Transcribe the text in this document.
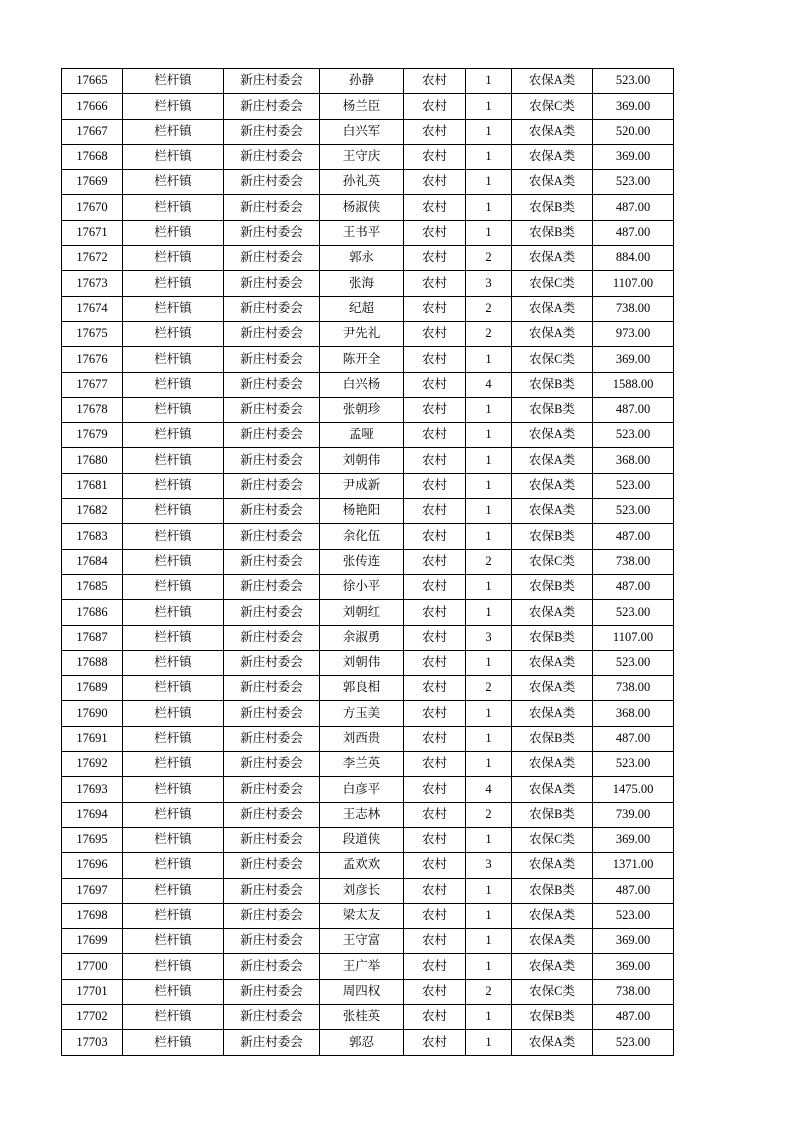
17665	栏杆镇	新庄村委会	孙静	农村	1	农保A类	523.00
17666	栏杆镇	新庄村委会	杨兰臣	农村	1	农保C类	369.00
17667	栏杆镇	新庄村委会	白兴军	农村	1	农保A类	520.00
17668	栏杆镇	新庄村委会	王守庆	农村	1	农保A类	369.00
17669	栏杆镇	新庄村委会	孙礼英	农村	1	农保A类	523.00
17670	栏杆镇	新庄村委会	杨淑侠	农村	1	农保B类	487.00
17671	栏杆镇	新庄村委会	王书平	农村	1	农保B类	487.00
17672	栏杆镇	新庄村委会	郭永	农村	2	农保A类	884.00
17673	栏杆镇	新庄村委会	张海	农村	3	农保C类	1107.00
17674	栏杆镇	新庄村委会	纪超	农村	2	农保A类	738.00
17675	栏杆镇	新庄村委会	尹先礼	农村	2	农保A类	973.00
17676	栏杆镇	新庄村委会	陈开全	农村	1	农保C类	369.00
17677	栏杆镇	新庄村委会	白兴杨	农村	4	农保B类	1588.00
17678	栏杆镇	新庄村委会	张朝珍	农村	1	农保B类	487.00
17679	栏杆镇	新庄村委会	孟哑	农村	1	农保A类	523.00
17680	栏杆镇	新庄村委会	刘朝伟	农村	1	农保A类	368.00
17681	栏杆镇	新庄村委会	尹成新	农村	1	农保A类	523.00
17682	栏杆镇	新庄村委会	杨艳阳	农村	1	农保A类	523.00
17683	栏杆镇	新庄村委会	余化伍	农村	1	农保B类	487.00
17684	栏杆镇	新庄村委会	张传连	农村	2	农保C类	738.00
17685	栏杆镇	新庄村委会	徐小平	农村	1	农保B类	487.00
17686	栏杆镇	新庄村委会	刘朝红	农村	1	农保A类	523.00
17687	栏杆镇	新庄村委会	余淑勇	农村	3	农保B类	1107.00
17688	栏杆镇	新庄村委会	刘朝伟	农村	1	农保A类	523.00
17689	栏杆镇	新庄村委会	郭良相	农村	2	农保A类	738.00
17690	栏杆镇	新庄村委会	方玉美	农村	1	农保A类	368.00
17691	栏杆镇	新庄村委会	刘西贵	农村	1	农保B类	487.00
17692	栏杆镇	新庄村委会	李兰英	农村	1	农保A类	523.00
17693	栏杆镇	新庄村委会	白彦平	农村	4	农保A类	1475.00
17694	栏杆镇	新庄村委会	王志林	农村	2	农保B类	739.00
17695	栏杆镇	新庄村委会	段道侠	农村	1	农保C类	369.00
17696	栏杆镇	新庄村委会	孟欢欢	农村	3	农保A类	1371.00
17697	栏杆镇	新庄村委会	刘彦长	农村	1	农保B类	487.00
17698	栏杆镇	新庄村委会	梁太友	农村	1	农保A类	523.00
17699	栏杆镇	新庄村委会	王守富	农村	1	农保A类	369.00
17700	栏杆镇	新庄村委会	王广举	农村	1	农保A类	369.00
17701	栏杆镇	新庄村委会	周四权	农村	2	农保C类	738.00
17702	栏杆镇	新庄村委会	张桂英	农村	1	农保B类	487.00
17703	栏杆镇	新庄村委会	郭忍	农村	1	农保A类	523.00
